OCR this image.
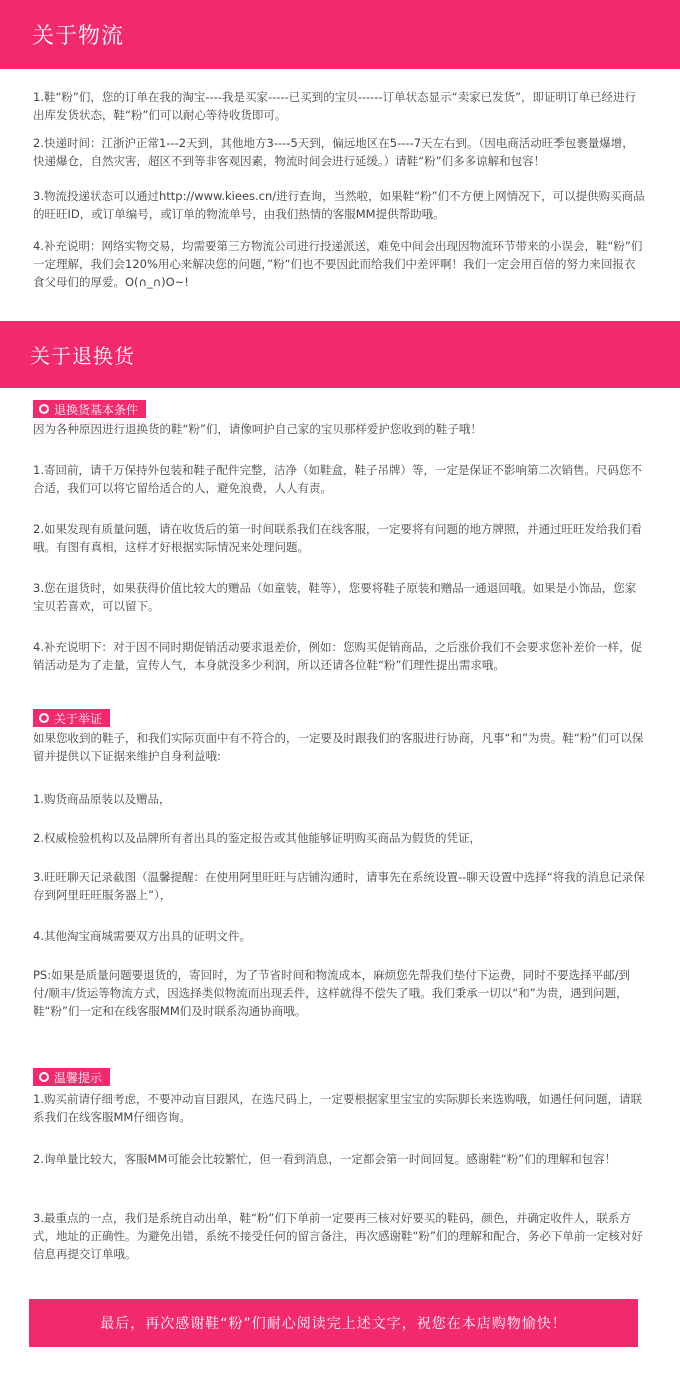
关于物流

1.鞋“粉”们，您的订单在我的淘宝----我是买家-----已买到的宝贝------订单状态显示“卖家已发货”，即证明订单已经进行出库发货状态，鞋“粉”们可以耐心等待收货即可。

2.快递时间：江浙沪正常1---2天到，其他地方3----5天到，偏远地区在5----7天左右到。（因电商活动旺季包裹量爆增，快递爆仓，自然灾害，超区不到等非客观因素，物流时间会进行延缓。）请鞋“粉”们多多谅解和包容！

3.物流投递状态可以通过http://www.kiees.cn/进行查询，当然啦，如果鞋“粉”们不方便上网情况下，可以提供购买商品的旺旺ID，或订单编号，或订单的物流单号，由我们热情的客服MM提供帮助哦。

4.补充说明：网络实物交易，均需要第三方物流公司进行投递派送，难免中间会出现因物流环节带来的小误会，鞋“粉”们一定理解，我们会120%用心来解决您的问题，”粉“们也不要因此而给我们中差评啊！我们一定会用百倍的努力来回报衣食父母们的厚爱。O(∩_∩)O~!

关于退换货
退换货基本条件

因为各种原因进行退换货的鞋“粉”们，请像呵护自己家的宝贝那样爱护您收到的鞋子哦！

1.寄回前，请千万保持外包装和鞋子配件完整，洁净（如鞋盒，鞋子吊牌）等，一定是保证不影响第二次销售。尺码您不合适，我们可以将它留给适合的人，避免浪费，人人有责。

2.如果发现有质量问题，请在收货后的第一时间联系我们在线客服，一定要将有问题的地方牌照，并通过旺旺发给我们看哦。有图有真相，这样才好根据实际情况来处理问题。

3.您在退货时，如果获得价值比较大的赠品（如童装，鞋等），您要将鞋子原装和赠品一通退回哦。如果是小饰品，您家宝贝若喜欢，可以留下。

4.补充说明下：对于因不同时期促销活动要求退差价，例如：您购买促销商品，之后涨价我们不会要求您补差价一样，促销活动是为了走量，宣传人气，本身就没多少利润，所以还请各位鞋“粉”们理性提出需求哦。

关于举证

如果您收到的鞋子，和我们实际页面中有不符合的，一定要及时跟我们的客服进行协商，凡事“和”为贵。鞋“粉”们可以保留并提供以下证据来维护自身利益哦:

1.购货商品原装以及赠品，

2.权威检验机构以及品牌所有者出具的鉴定报告或其他能够证明购买商品为假货的凭证，

3.旺旺聊天记录截图（温馨提醒：在使用阿里旺旺与店铺沟通时，请事先在系统设置--聊天设置中选择“将我的消息记录保存到阿里旺旺服务器上”），

4.其他淘宝商城需要双方出具的证明文件。

PS:如果是质量问题要退货的，寄回时，为了节省时间和物流成本，麻烦您先帮我们垫付下运费，同时不要选择平邮/到付/顺丰/货运等物流方式，因选择类似物流而出现丢件，这样就得不偿失了哦。我们秉承一切以“和”为贵，遇到问题，鞋“粉”们一定和在线客服MM们及时联系沟通协商哦。

温馨提示

1.购买前请仔细考虑，不要冲动盲目跟风，在选尺码上，一定要根据家里宝宝的实际脚长来选购哦，如遇任何问题，请联系我们在线客服MM仔细咨询。

2.询单量比较大，客服MM可能会比较繁忙，但一看到消息，一定都会第一时间回复。感谢鞋“粉”们的理解和包容！

3.最重点的一点，我们是系统自动出单，鞋“粉”们下单前一定要再三核对好要买的鞋码，颜色，并确定收件人，联系方式，地址的正确性。为避免出错，系统不接受任何的留言备注，再次感谢鞋“粉”们的理解和配合，务必下单前一定核对好信息再提交订单哦。

最后，再次感谢鞋“粉”们耐心阅读完上述文字，祝您在本店购物愉快！
